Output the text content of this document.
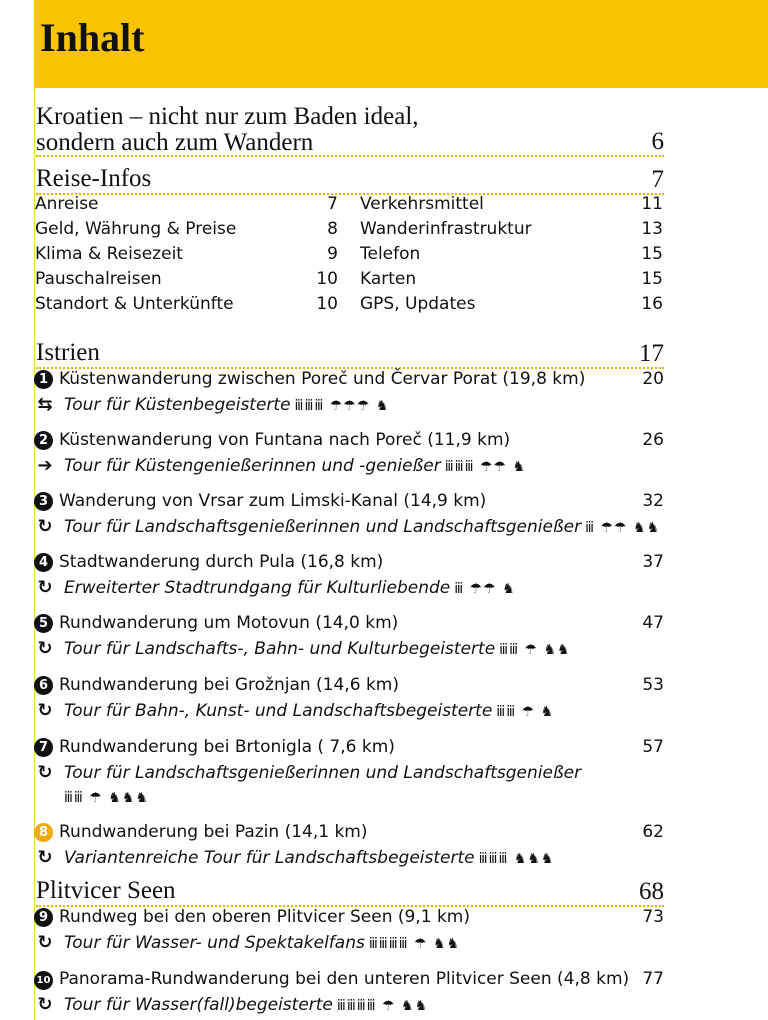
Inhalt
Kroatien – nicht nur zum Baden ideal,
sondern auch zum Wandern	6
Reise-Infos	7
Istrien	17
Plitvicer Seen	68
Anreise	7
Geld, Währung & Preise	8
Klima & Reisezeit	9
Pauschalreisen	10
Standort & Unterkünfte	10
Verkehrsmittel	11
Wanderinfrastruktur	13
Telefon	15
Karten	15
GPS, Updates	16
1 Küstenwanderung zwischen Poreč und Červar Porat (19,8 km)	20
⇆ Tour für Küstenbegeisterte ⅲⅲⅲ ☂☂☂ ♞
2 Küstenwanderung von Funtana nach Poreč (11,9 km)	26
➔ Tour für Küstengenießerinnen und -genießer ⅲⅲⅲ ☂☂ ♞
3 Wanderung von Vrsar zum Limski-Kanal (14,9 km)	32
↻ Tour für Landschaftsgenießerinnen und Landschaftsgenießer ⅲ ☂☂ ♞♞
4 Stadtwanderung durch Pula (16,8 km)	37
↻ Erweiterter Stadtrundgang für Kulturliebende ⅲ ☂☂ ♞
5 Rundwanderung um Motovun (14,0 km)	47
↻ Tour für Landschafts-, Bahn- und Kulturbegeisterte ⅲⅲ ☂ ♞♞
6 Rundwanderung bei Grožnjan (14,6 km)	53
↻ Tour für Bahn-, Kunst- und Landschaftsbegeisterte ⅲⅲ ☂ ♞
7 Rundwanderung bei Brtonigla ( 7,6 km)	57
↻ Tour für Landschaftsgenießerinnen und Landschaftsgenießer
ⅲⅲ ☂ ♞♞♞
8 Rundwanderung bei Pazin (14,1 km)	62
↻ Variantenreiche Tour für Landschaftsbegeisterte ⅲⅲⅲ ♞♞♞
9 Rundweg bei den oberen Plitvicer Seen (9,1 km)	73
↻ Tour für Wasser- und Spektakelfans ⅲⅲⅲⅲ ☂ ♞♞
10 Panorama-Rundwanderung bei den unteren Plitvicer Seen (4,8 km) 77
↻ Tour für Wasser(fall)begeisterte ⅲⅲⅲⅲ ☂ ♞♞
